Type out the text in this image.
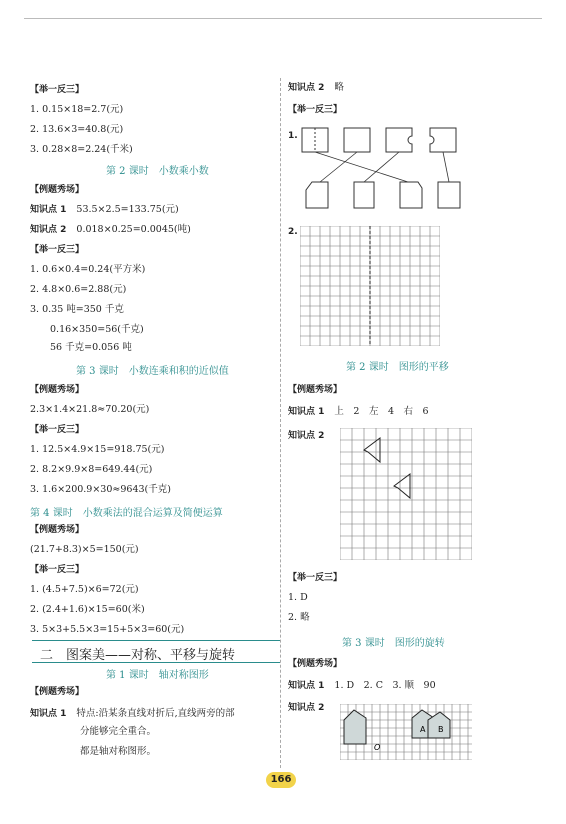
【举一反三】
1. 0.15×18=2.7(元)
2. 13.6×3=40.8(元)
3. 0.28×8=2.24(千米)
第 2 课时　小数乘小数
【例题秀场】
知识点 1 53.5×2.5=133.75(元)
知识点 2 0.018×0.25=0.0045(吨)
【举一反三】
1. 0.6×0.4=0.24(平方米)
2. 4.8×0.6=2.88(元)
3. 0.35 吨=350 千克
0.16×350=56(千克)
56 千克=0.056 吨
第 3 课时　小数连乘和积的近似值
【例题秀场】
2.3×1.4×21.8≈70.20(元)
【举一反三】
1. 12.5×4.9×15=918.75(元)
2. 8.2×9.9×8=649.44(元)
3. 1.6×200.9×30≈9643(千克)
第 4 课时　小数乘法的混合运算及简便运算
【例题秀场】
(21.7+8.3)×5=150(元)
【举一反三】
1. (4.5+7.5)×6=72(元)
2. (2.4+1.6)×15=60(米)
3. 5×3+5.5×3=15+5×3=60(元)
二　图案美——对称、平移与旋转
第 1 课时　轴对称图形
【例题秀场】
知识点 1 特点:沿某条直线对折后,直线两旁的部
分能够完全重合。
都是轴对称图形。
知识点 2 略
【举一反三】
1.
2.
第 2 课时　图形的平移
【例题秀场】
知识点 1 上　2　左　4　右　6
知识点 2
【举一反三】
1. D
2. 略
第 3 课时　图形的旋转
【例题秀场】
知识点 1 1. D　2. C　3. 顺　90
知识点 2
A B
O
166
